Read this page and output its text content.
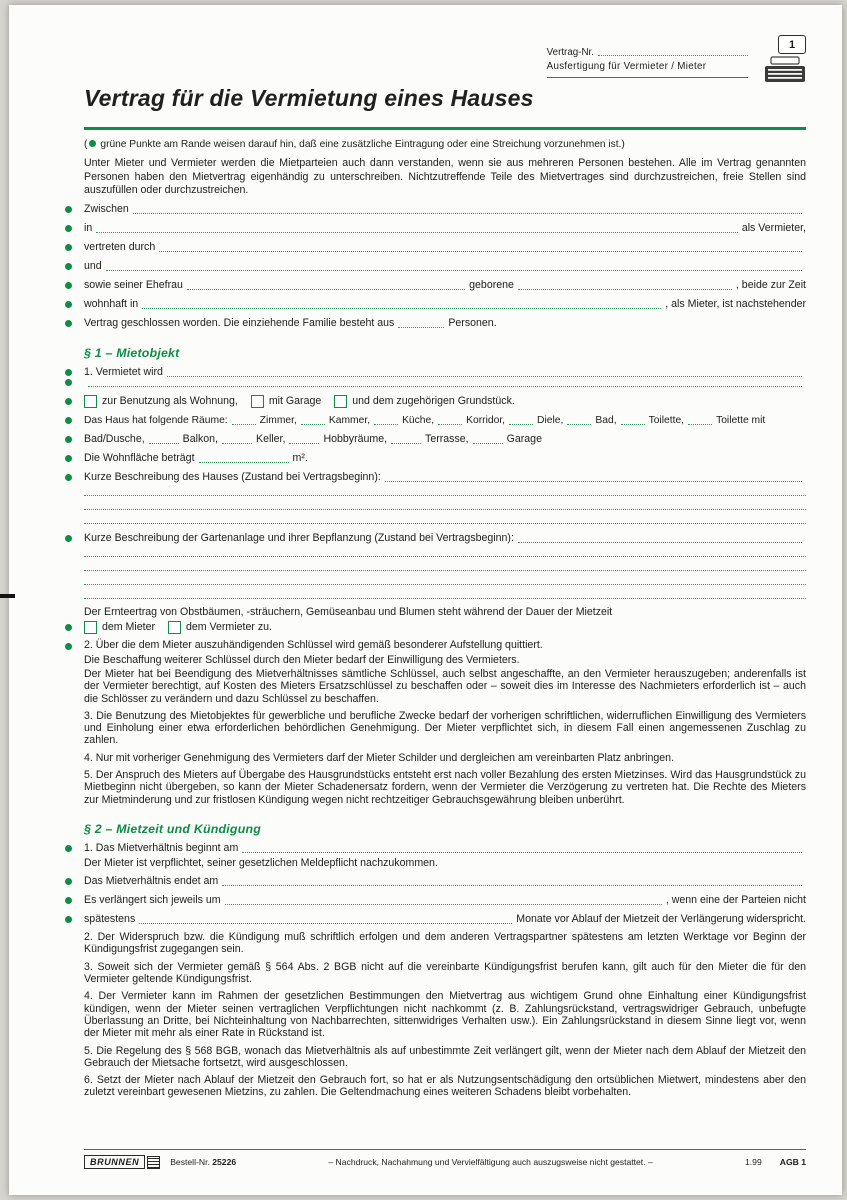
Vertrag-Nr.
Ausfertigung für Vermieter / Mieter
1
Vertrag für die Vermietung eines Hauses
( grüne Punkte am Rande weisen darauf hin, daß eine zusätzliche Eintragung oder eine Streichung vorzunehmen ist.)
Unter Mieter und Vermieter werden die Mietparteien auch dann verstanden, wenn sie aus mehreren Personen bestehen. Alle im Vertrag genannten Personen haben den Mietvertrag eigenhändig zu unterschreiben. Nichtzutreffende Teile des Mietvertrages sind durchzustreichen, freie Stellen sind auszufüllen oder durchzustreichen.
Zwischen
in	als Vermieter,
vertreten durch
und
sowie seiner Ehefrau	geborene	, beide zur Zeit
wohnhaft in	, als Mieter, ist nachstehender
Vertrag geschlossen worden. Die einziehende Familie besteht aus	Personen.
§ 1 – Mietobjekt
1. Vermietet wird
zur Benutzung als Wohnung,	mit Garage	und dem zugehörigen Grundstück.
Das Haus hat folgende Räume:	Zimmer,	Kammer,	Küche,	Korridor,	Diele,	Bad,	Toilette,	Toilette mit
Bad/Dusche,	Balkon,	Keller,	Hobbyräume,	Terrasse,	Garage
Die Wohnfläche beträgt	m².
Kurze Beschreibung des Hauses (Zustand bei Vertragsbeginn):
Kurze Beschreibung der Gartenanlage und ihrer Bepflanzung (Zustand bei Vertragsbeginn):
Der Ernteertrag von Obstbäumen, -sträuchern, Gemüseanbau und Blumen steht während der Dauer der Mietzeit
dem Mieter	dem Vermieter zu.
2. Über die dem Mieter auszuhändigenden Schlüssel wird gemäß besonderer Aufstellung quittiert.
Die Beschaffung weiterer Schlüssel durch den Mieter bedarf der Einwilligung des Vermieters.
Der Mieter hat bei Beendigung des Mietverhältnisses sämtliche Schlüssel, auch selbst angeschaffte, an den Vermieter herauszugeben; anderenfalls ist der Vermieter berechtigt, auf Kosten des Mieters Ersatzschlüssel zu beschaffen oder – soweit dies im Interesse des Nachmieters erforderlich ist – auch die Schlösser zu verändern und dazu Schlüssel zu beschaffen.
3. Die Benutzung des Mietobjektes für gewerbliche und berufliche Zwecke bedarf der vorherigen schriftlichen, widerruflichen Einwilligung des Vermieters und Einholung einer etwa erforderlichen behördlichen Genehmigung. Der Mieter verpflichtet sich, in diesem Fall einen angemessenen Zuschlag zu zahlen.
4. Nur mit vorheriger Genehmigung des Vermieters darf der Mieter Schilder und dergleichen am vereinbarten Platz anbringen.
5. Der Anspruch des Mieters auf Übergabe des Hausgrundstücks entsteht erst nach voller Bezahlung des ersten Mietzinses. Wird das Hausgrundstück zu Mietbeginn nicht übergeben, so kann der Mieter Schadenersatz fordern, wenn der Vermieter die Verzögerung zu vertreten hat. Die Rechte des Mieters zur Mietminderung und zur fristlosen Kündigung wegen nicht rechtzeitiger Gebrauchsgewährung bleiben unberührt.
§ 2 – Mietzeit und Kündigung
1. Das Mietverhältnis beginnt am
Der Mieter ist verpflichtet, seiner gesetzlichen Meldepflicht nachzukommen.
Das Mietverhältnis endet am
Es verlängert sich jeweils um	, wenn eine der Parteien nicht
spätestens	Monate vor Ablauf der Mietzeit der Verlängerung widerspricht.
2. Der Widerspruch bzw. die Kündigung muß schriftlich erfolgen und dem anderen Vertragspartner spätestens am letzten Werktage vor Beginn der Kündigungsfrist zugegangen sein.
3. Soweit sich der Vermieter gemäß § 564 Abs. 2 BGB nicht auf die vereinbarte Kündigungsfrist berufen kann, gilt auch für den Mieter die für den Vermieter geltende Kündigungsfrist.
4. Der Vermieter kann im Rahmen der gesetzlichen Bestimmungen den Mietvertrag aus wichtigem Grund ohne Einhaltung einer Kündigungsfrist kündigen, wenn der Mieter seinen vertraglichen Verpflichtungen nicht nachkommt (z. B. Zahlungsrückstand, vertragswidriger Gebrauch, unbefugte Überlassung an Dritte, bei Nichteinhaltung von Nachbarrechten, sittenwidriges Verhalten usw.). Ein Zahlungsrückstand in diesem Sinne liegt vor, wenn der Mieter mit mehr als einer Rate in Rückstand ist.
5. Die Regelung des § 568 BGB, wonach das Mietverhältnis als auf unbestimmte Zeit verlängert gilt, wenn der Mieter nach dem Ablauf der Mietzeit den Gebrauch der Mietsache fortsetzt, wird ausgeschlossen.
6. Setzt der Mieter nach Ablauf der Mietzeit den Gebrauch fort, so hat er als Nutzungsentschädigung den ortsüblichen Mietwert, mindestens aber den zuletzt vereinbart gewesenen Mietzins, zu zahlen. Die Geltendmachung eines weiteren Schadens bleibt vorbehalten.
BRUNNEN	Bestell-Nr. 25226	– Nachdruck, Nachahmung und Vervielfältigung auch auszugsweise nicht gestattet. –	1.99 AGB 1
